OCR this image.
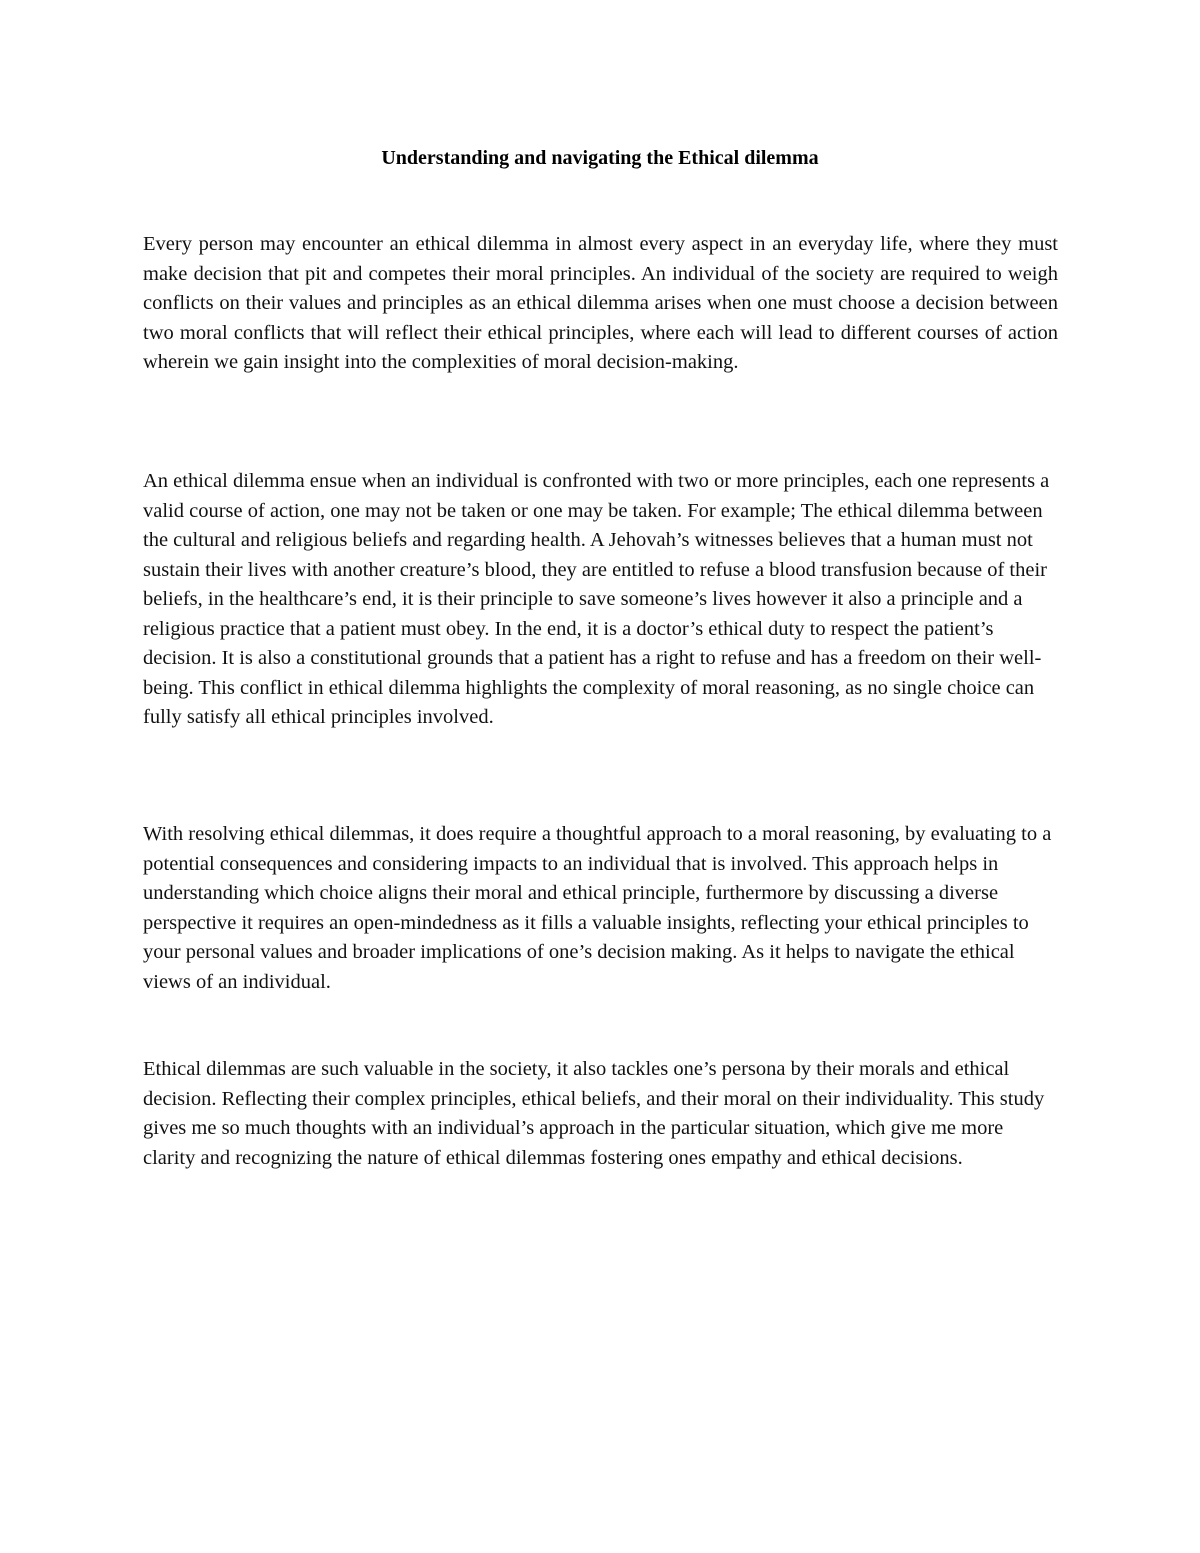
Understanding and navigating the Ethical dilemma

Every person may encounter an ethical dilemma in almost every aspect in an everyday life, where they must make decision that pit and competes their moral principles. An individual of the society are required to weigh conflicts on their values and principles as an ethical dilemma arises when one must choose a decision between two moral conflicts that will reflect their ethical principles, where each will lead to different courses of action wherein we gain insight into the complexities of moral decision-making.

An ethical dilemma ensue when an individual is confronted with two or more principles, each one represents a valid course of action, one may not be taken or one may be taken. For example; The ethical dilemma between the cultural and religious beliefs and regarding health. A Jehovah’s witnesses believes that a human must not sustain their lives with another creature’s blood, they are entitled to refuse a blood transfusion because of their beliefs, in the healthcare’s end, it is their principle to save someone’s lives however it also a principle and a religious practice that a patient must obey. In the end, it is a doctor’s ethical duty to respect the patient’s decision. It is also a constitutional grounds that a patient has a right to refuse and has a freedom on their well-being. This conflict in ethical dilemma highlights the complexity of moral reasoning, as no single choice can fully satisfy all ethical principles involved.

With resolving ethical dilemmas, it does require a thoughtful approach to a moral reasoning, by evaluating to a potential consequences and considering impacts to an individual that is involved. This approach helps in understanding which choice aligns their moral and ethical principle, furthermore by discussing a diverse perspective it requires an open-mindedness as it fills a valuable insights, reflecting your ethical principles to your personal values and broader implications of one’s decision making. As it helps to navigate the ethical views of an individual.

Ethical dilemmas are such valuable in the society, it also tackles one’s persona by their morals and ethical decision. Reflecting their complex principles, ethical beliefs, and their moral on their individuality. This study gives me so much thoughts with an individual’s approach in the particular situation, which give me more clarity and recognizing the nature of ethical dilemmas fostering ones empathy and ethical decisions.
